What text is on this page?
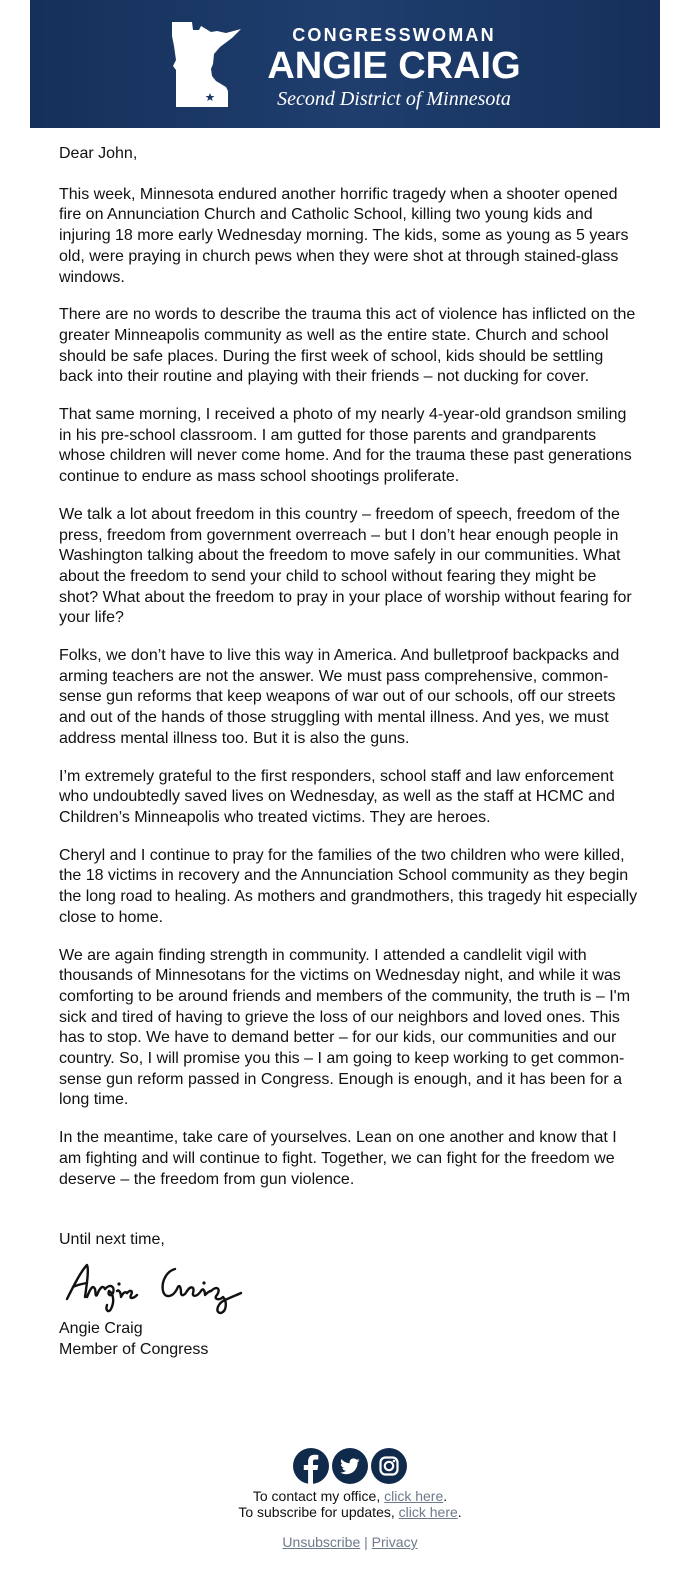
CONGRESSWOMAN
ANGIE CRAIG
Second District of Minnesota

Dear John,

This week, Minnesota endured another horrific tragedy when a shooter opened fire on Annunciation Church and Catholic School, killing two young kids and injuring 18 more early Wednesday morning. The kids, some as young as 5 years old, were praying in church pews when they were shot at through stained-glass windows.

There are no words to describe the trauma this act of violence has inflicted on the greater Minneapolis community as well as the entire state. Church and school should be safe places. During the first week of school, kids should be settling back into their routine and playing with their friends – not ducking for cover.

That same morning, I received a photo of my nearly 4-year-old grandson smiling in his pre-school classroom. I am gutted for those parents and grandparents whose children will never come home. And for the trauma these past generations continue to endure as mass school shootings proliferate.

We talk a lot about freedom in this country – freedom of speech, freedom of the press, freedom from government overreach – but I don’t hear enough people in Washington talking about the freedom to move safely in our communities. What about the freedom to send your child to school without fearing they might be shot? What about the freedom to pray in your place of worship without fearing for your life?

Folks, we don’t have to live this way in America. And bulletproof backpacks and arming teachers are not the answer. We must pass comprehensive, common-sense gun reforms that keep weapons of war out of our schools, off our streets and out of the hands of those struggling with mental illness. And yes, we must address mental illness too. But it is also the guns.

I’m extremely grateful to the first responders, school staff and law enforcement who undoubtedly saved lives on Wednesday, as well as the staff at HCMC and Children’s Minneapolis who treated victims. They are heroes.

Cheryl and I continue to pray for the families of the two children who were killed, the 18 victims in recovery and the Annunciation School community as they begin the long road to healing. As mothers and grandmothers, this tragedy hit especially close to home.

We are again finding strength in community. I attended a candlelit vigil with thousands of Minnesotans for the victims on Wednesday night, and while it was comforting to be around friends and members of the community, the truth is – I'm sick and tired of having to grieve the loss of our neighbors and loved ones. This has to stop. We have to demand better – for our kids, our communities and our country. So, I will promise you this – I am going to keep working to get common-sense gun reform passed in Congress. Enough is enough, and it has been for a long time.

In the meantime, take care of yourselves. Lean on one another and know that I am fighting and will continue to fight. Together, we can fight for the freedom we deserve – the freedom from gun violence.

Until next time,

Angie Craig

Member of Congress

To contact my office, click here.

To subscribe for updates, click here.

Unsubscribe | Privacy
